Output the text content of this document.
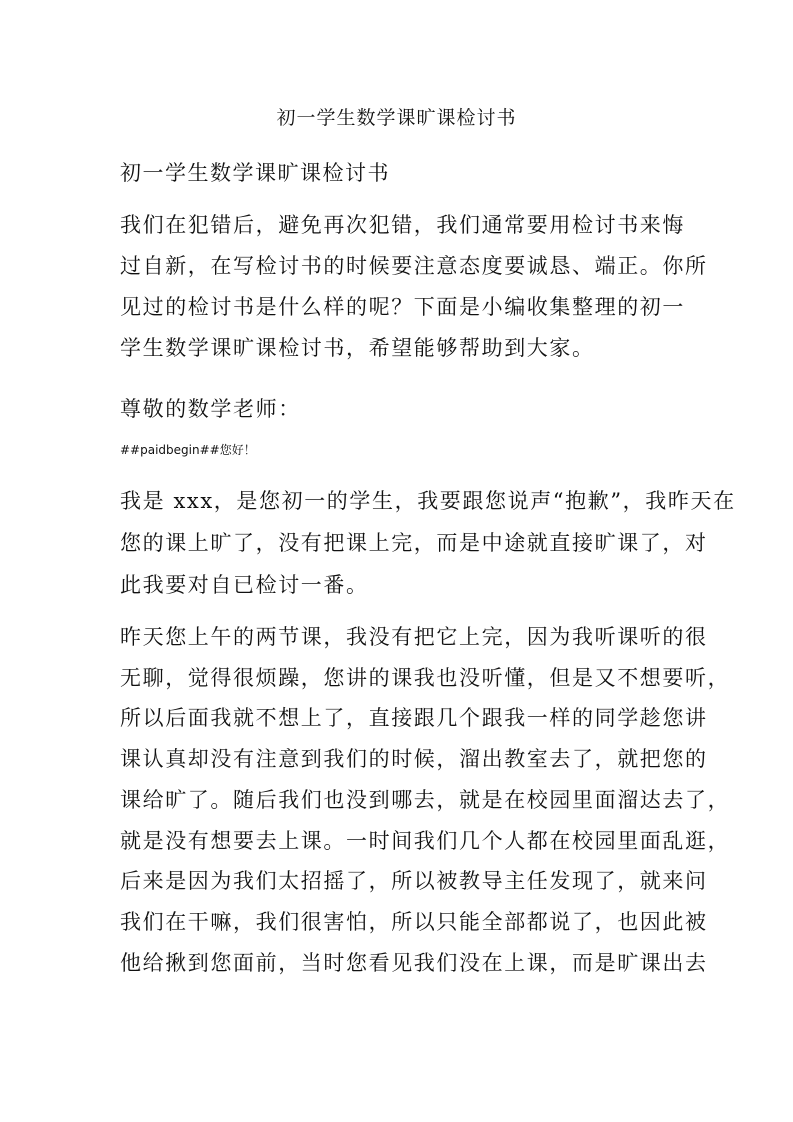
初一学生数学课旷课检讨书
初一学生数学课旷课检讨书
我们在犯错后，避免再次犯错，我们通常要用检讨书来悔
过自新，在写检讨书的时候要注意态度要诚恳、端正。你所
见过的检讨书是什么样的呢？下面是小编收集整理的初一
学生数学课旷课检讨书，希望能够帮助到大家。
尊敬的数学老师：
##paidbegin##您好！
我是 xxx，是您初一的学生，我要跟您说声“抱歉”，我昨天在
您的课上旷了，没有把课上完，而是中途就直接旷课了，对
此我要对自已检讨一番。
昨天您上午的两节课，我没有把它上完，因为我听课听的很
无聊，觉得很烦躁，您讲的课我也没听懂，但是又不想要听，
所以后面我就不想上了，直接跟几个跟我一样的同学趁您讲
课认真却没有注意到我们的时候，溜出教室去了，就把您的
课给旷了。随后我们也没到哪去，就是在校园里面溜达去了，
就是没有想要去上课。一时间我们几个人都在校园里面乱逛，
后来是因为我们太招摇了，所以被教导主任发现了，就来问
我们在干嘛，我们很害怕，所以只能全部都说了，也因此被
他给揪到您面前，当时您看见我们没在上课，而是旷课出去
